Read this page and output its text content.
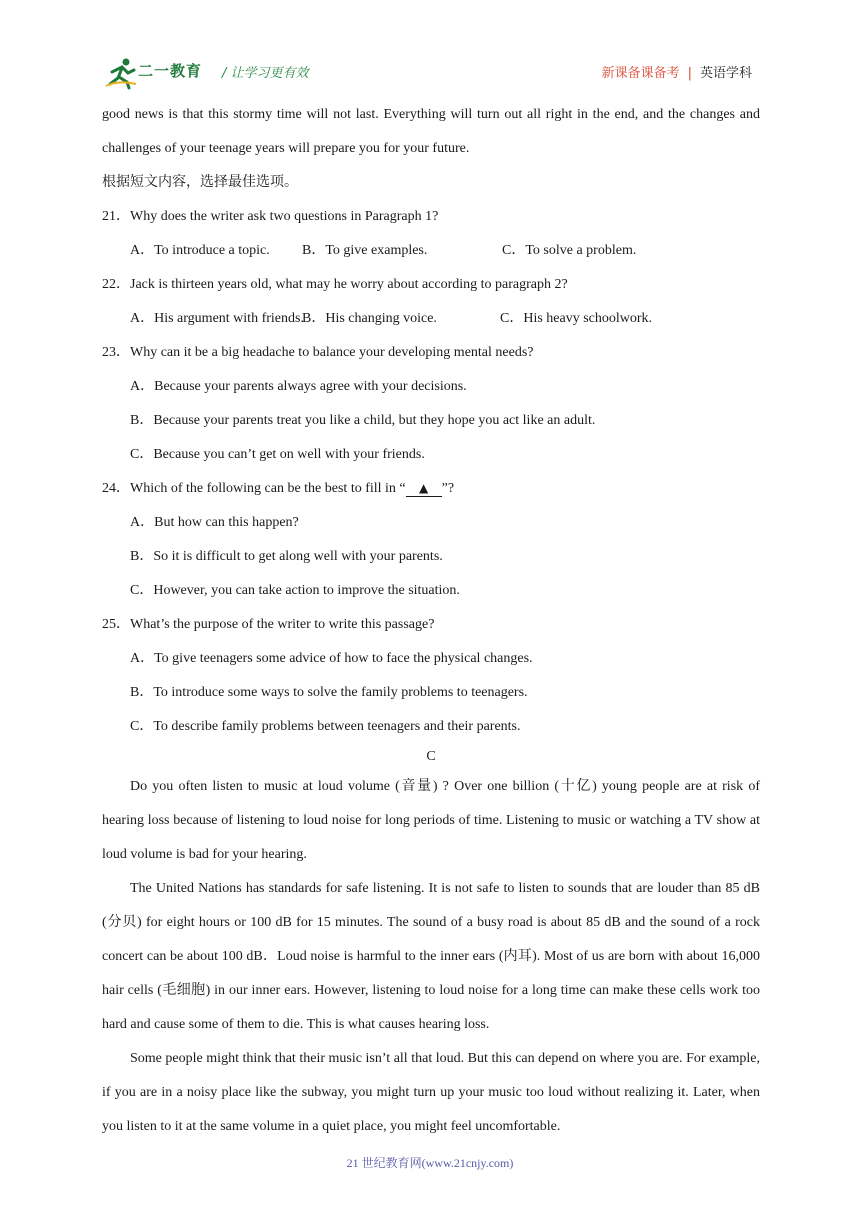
二一教育 / 让学习更有效	新课备课备考 | 英语学科

good news is that this stormy time will not last. Everything will turn out all right in the end, and the changes and challenges of your teenage years will prepare you for your future.

根据短文内容，选择最佳选项。

21．Why does the writer ask two questions in Paragraph 1?

A．To introduce a topic. B．To give examples.	C．To solve a problem.

22．Jack is thirteen years old, what may he worry about according to paragraph 2?

A．His argument with friends.B．His changing voice.	C．His heavy schoolwork.

23．Why can it be a big headache to balance your developing mental needs?

A．Because your parents always agree with your decisions.

B．Because your parents treat you like a child, but they hope you act like an adult.

C．Because you can’t get on well with your friends.

24．Which of the following can be the best to fill in “ ▲ ”?

A．But how can this happen?

B．So it is difficult to get along well with your parents.

C．However, you can take action to improve the situation.

25．What’s the purpose of the writer to write this passage?

A．To give teenagers some advice of how to face the physical changes.

B．To introduce some ways to solve the family problems to teenagers.

C．To describe family problems between teenagers and their parents.

C

Do you often listen to music at loud volume (音量) ? Over one billion (十亿) young people are at risk of hearing loss because of listening to loud noise for long periods of time. Listening to music or watching a TV show at loud volume is bad for your hearing.

The United Nations has standards for safe listening. It is not safe to listen to sounds that are louder than 85 dB (分贝) for eight hours or 100 dB for 15 minutes. The sound of a busy road is about 85 dB and the sound of a rock concert can be about 100 dB．Loud noise is harmful to the inner ears (内耳). Most of us are born with about 16,000 hair cells (毛细胞) in our inner ears. However, listening to loud noise for a long time can make these cells work too hard and cause some of them to die. This is what causes hearing loss.

Some people might think that their music isn’t all that loud. But this can depend on where you are. For example, if you are in a noisy place like the subway, you might turn up your music too loud without realizing it. Later, when you listen to it at the same volume in a quiet place, you might feel uncomfortable.

21 世纪教育网(www.21cnjy.com)
